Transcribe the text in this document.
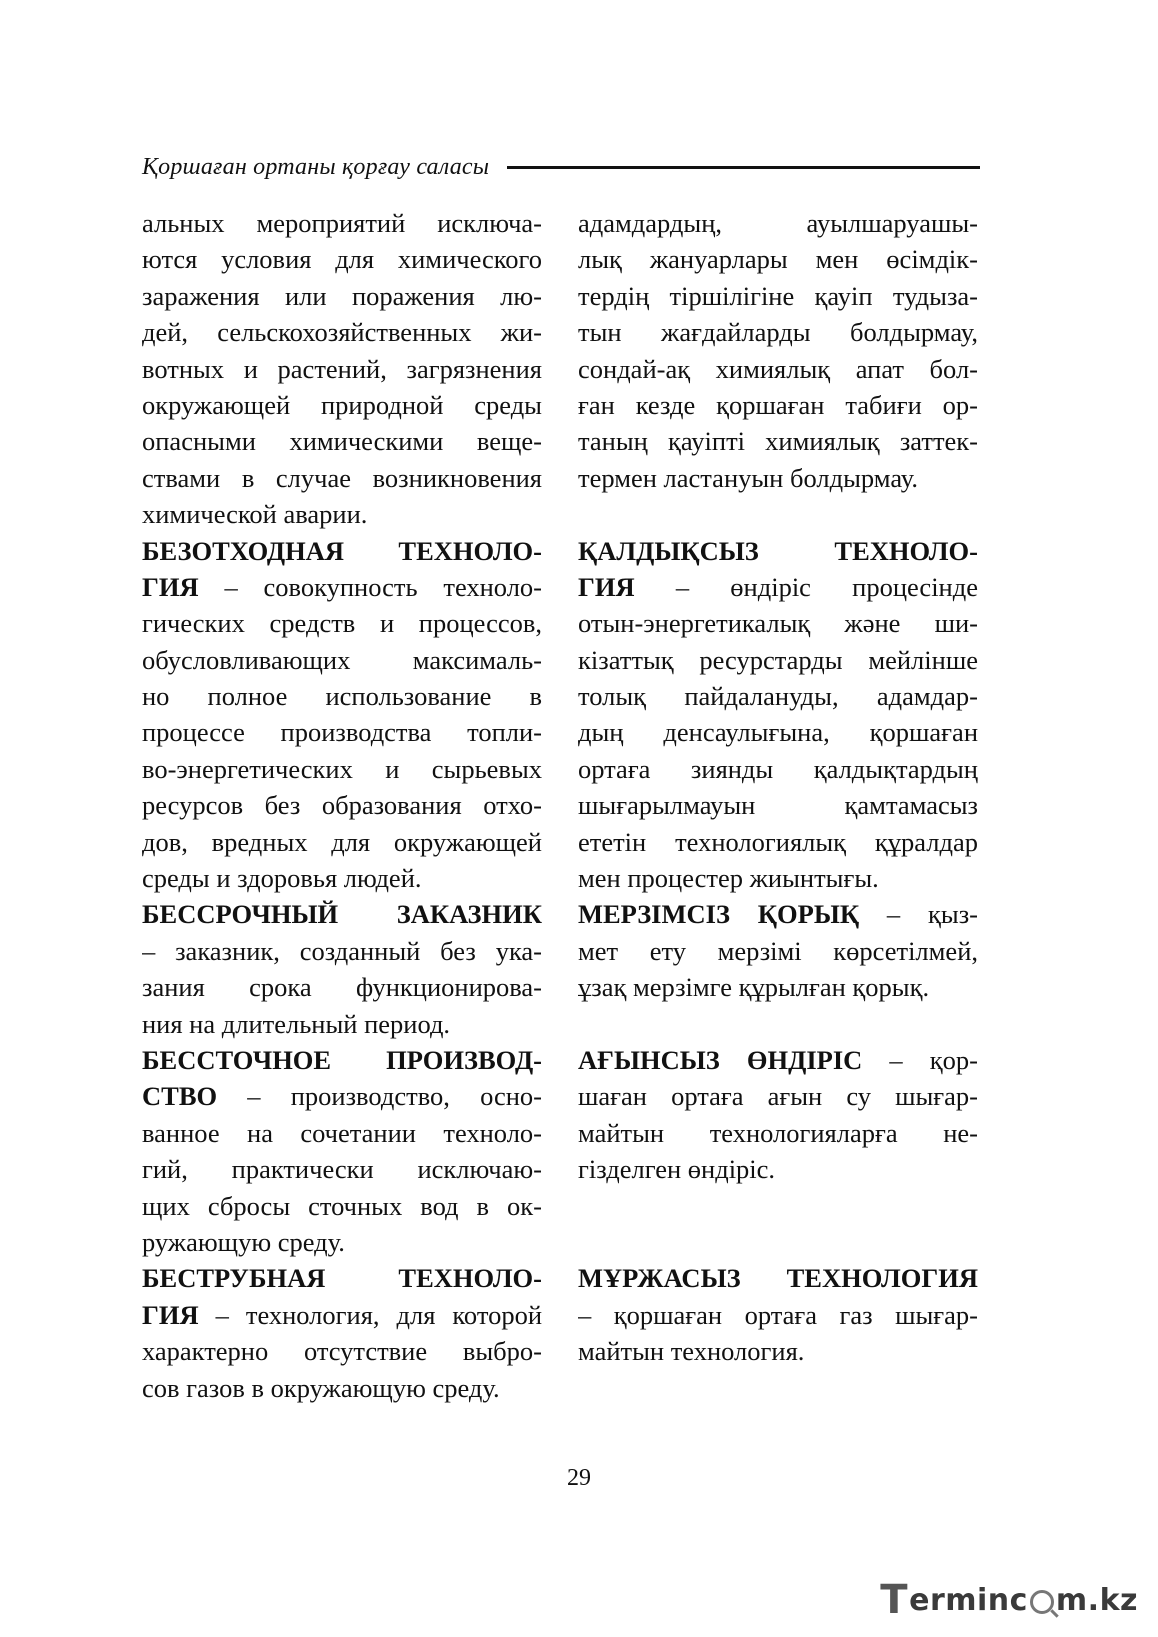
Қоршаған ортаны қорғау саласы
альных мероприятий исключа-
ются условия для химического
заражения или поражения лю-
дей, сельскохозяйственных жи-
вотных и растений, загрязнения
окружающей природной среды
опасными химическими веще-
ствами в случае возникновения
химической аварии.
БЕЗОТХОДНАЯ ТЕХНОЛО-
ГИЯ – совокупность техноло-
гических средств и процессов,
обусловливающих максималь-
но полное использование в
процессе производства топли-
во-энергетических и сырьевых
ресурсов без образования отхо-
дов, вредных для окружающей
среды и здоровья людей.
БЕССРОЧНЫЙ ЗАКАЗНИК
– заказник, созданный без ука-
зания срока функционирова-
ния на длительный период.
БЕССТОЧНОЕ ПРОИЗВОД-
СТВО – производство, осно-
ванное на сочетании технолo-
гий, практически исключаю-
щих сбросы сточных вод в ок-
ружающую среду.
БЕСТРУБНАЯ ТЕХНОЛО-
ГИЯ – технология, для которой
характерно отсутствие выбро-
сов газов в окружающую среду.
адамдардың, ауылшаруашы-
лық жануарлары мен өсімдік-
тердің тіршілігіне қауіп тудыза-
тын жағдайларды болдырмау,
сондай-ақ химиялық апат бол-
ған кезде қоршаған табиғи ор-
таның қауіпті химиялық заттек-
термен ластануын болдырмау.
ҚАЛДЫҚСЫЗ ТЕХНОЛО-
ГИЯ – өндіріс процесінде
отын-энергетикалық және ши-
кізаттық ресурстарды мейлінше
толық пайдалануды, адамдар-
дың денсаулығына, қоршаған
ортаға зиянды қалдықтардың
шығарылмауын қамтамасыз
ететін технологиялық құралдар
мен процестер жиынтығы.
МЕРЗІМСІЗ ҚОРЫҚ – қыз-
мет ету мерзімі көрсетілмей,
ұзақ мерзімге құрылған қорық.
АҒЫНСЫЗ ӨНДІРІС – қор-
шаған ортаға ағын су шығар-
майтын технологияларға не-
гізделген өндіріс.
МҰРЖАСЫЗ ТЕХНОЛОГИЯ
– қоршаған ортаға газ шығар-
майтын технология.
29
T erminc m.kz
